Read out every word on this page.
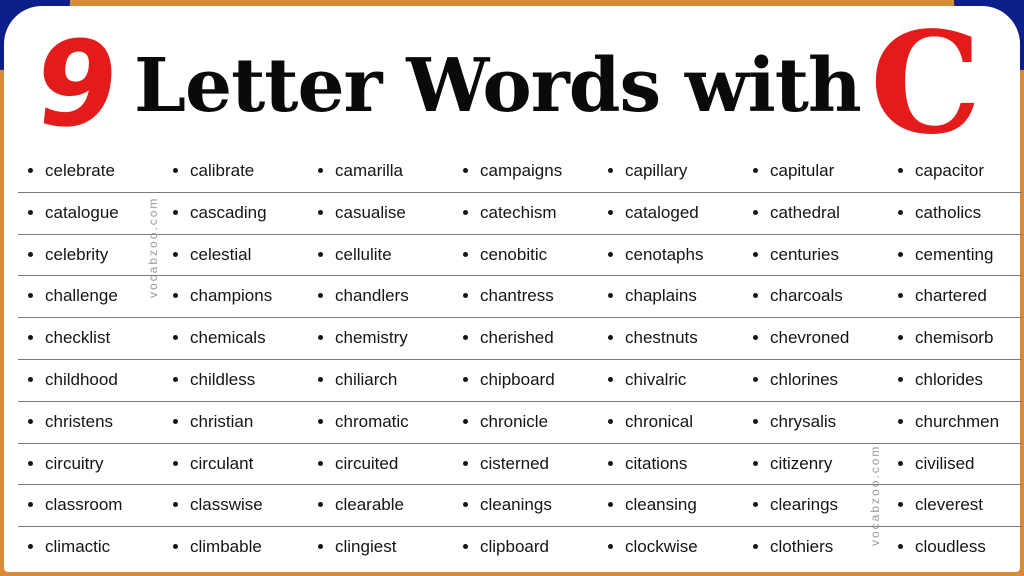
9 Letter Words with C
celebrate	calibrate	camarilla	campaigns	capillary	capitular	capacitor
catalogue	cascading	casualise	catechism	cataloged	cathedral	catholics
celebrity	celestial	cellulite	cenobitic	cenotaphs	centuries	cementing
challenge	champions	chandlers	chantress	chaplains	charcoals	chartered
checklist	chemicals	chemistry	cherished	chestnuts	chevroned	chemisorb
childhood	childless	chiliarch	chipboard	chivalric	chlorines	chlorides
christens	christian	chromatic	chronicle	chronical	chrysalis	churchmen
circuitry	circulant	circuited	cisterned	citations	citizenry	civilised
classroom	classwise	clearable	cleanings	cleansing	clearings	cleverest
climactic	climbable	clingiest	clipboard	clockwise	clothiers	cloudless
vocabzoo.com
vocabzoo.com
